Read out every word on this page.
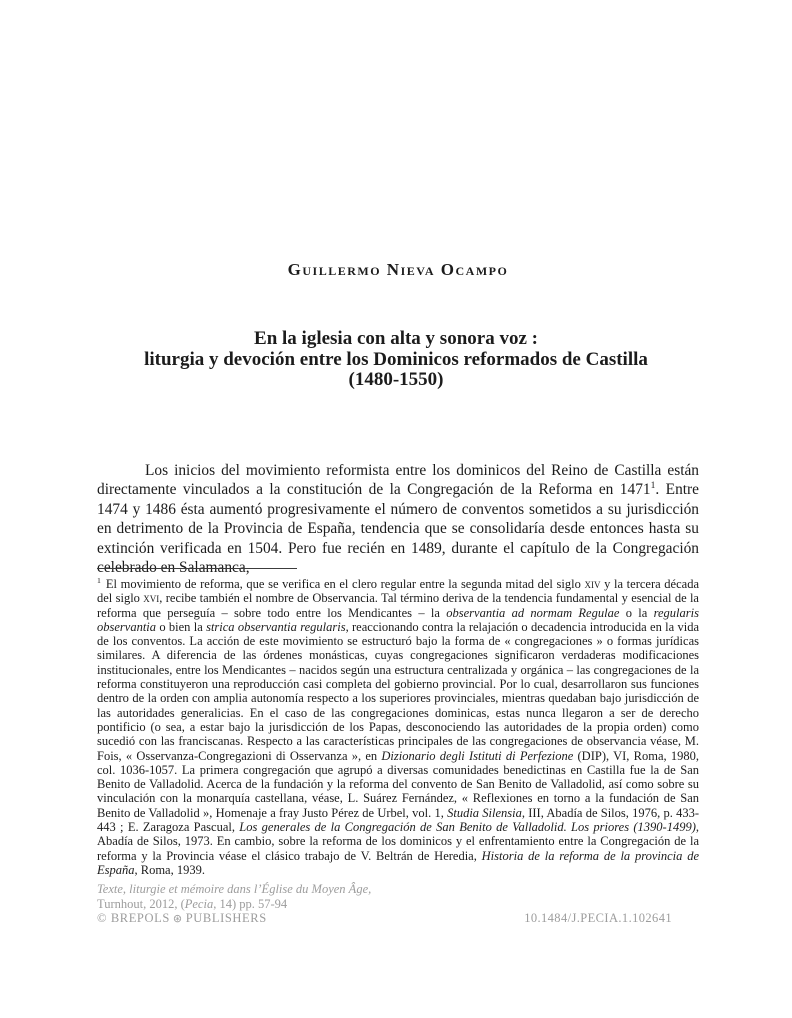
Guillermo Nieva Ocampo
En la iglesia con alta y sonora voz :
liturgia y devoción entre los Dominicos reformados de Castilla
(1480-1550)

Los inicios del movimiento reformista entre los dominicos del Reino de Castilla están directamente vinculados a la constitución de la Congregación de la Reforma en 1471$^1$. Entre 1474 y 1486 ésta aumentó progresivamente el número de conventos sometidos a su jurisdicción en detrimento de la Provincia de España, tendencia que se consolidaría desde entonces hasta su extinción verificada en 1504. Pero fue recién en 1489, durante el capítulo de la Congregación celebrado en Salamanca,

$^1$ El movimiento de reforma, que se verifica en el clero regular entre la segunda mitad del siglo xiv y la tercera década del siglo xvi, recibe también el nombre de Observancia. Tal término deriva de la tendencia fundamental y esencial de la reforma que perseguía – sobre todo entre los Mendicantes – la observantia ad normam Regulae o la regularis observantia o bien la strica observantia regularis, reaccionando contra la relajación o decadencia introducida en la vida de los conventos. La acción de este movimiento se estructuró bajo la forma de « congregaciones » o formas jurídicas similares. A diferencia de las órdenes monásticas, cuyas congregaciones significaron verdaderas modificaciones institucionales, entre los Mendicantes – nacidos según una estructura centralizada y orgánica – las congregaciones de la reforma constituyeron una reproducción casi completa del gobierno provincial. Por lo cual, desarrollaron sus funciones dentro de la orden con amplia autonomía respecto a los superiores provinciales, mientras quedaban bajo jurisdicción de las autoridades generalicias. En el caso de las congregaciones dominicas, estas nunca llegaron a ser de derecho pontificio (o sea, a estar bajo la jurisdicción de los Papas, desconociendo las autoridades de la propia orden) como sucedió con las franciscanas. Respecto a las características principales de las congregaciones de observancia véase, M. Fois, « Osservanza-Congregazioni di Osservanza », en Dizionario degli Istituti di Perfezione (DIP), VI, Roma, 1980, col. 1036-1057. La primera congregación que agrupó a diversas comunidades benedictinas en Castilla fue la de San Benito de Valladolid. Acerca de la fundación y la reforma del convento de San Benito de Valladolid, así como sobre su vinculación con la monarquía castellana, véase, L. Suárez Fernández, « Reflexiones en torno a la fundación de San Benito de Valladolid », Homenaje a fray Justo Pérez de Urbel, vol. 1, Studia Silensia, III, Abadía de Silos, 1976, p. 433-443 ; E. Zaragoza Pascual, Los generales de la Congregación de San Benito de Valladolid. Los priores (1390-1499), Abadía de Silos, 1973. En cambio, sobre la reforma de los dominicos y el enfrentamiento entre la Congregación de la reforma y la Provincia véase el clásico trabajo de V. Beltrán de Heredia, Historia de la reforma de la provincia de España, Roma, 1939.

Texte, liturgie et mémoire dans l’Église du Moyen Âge,
Turnhout, 2012, (Pecia, 14) pp. 57-94
© BREPOLS ⊛ PUBLISHERS	10.1484/J.PECIA.1.102641
